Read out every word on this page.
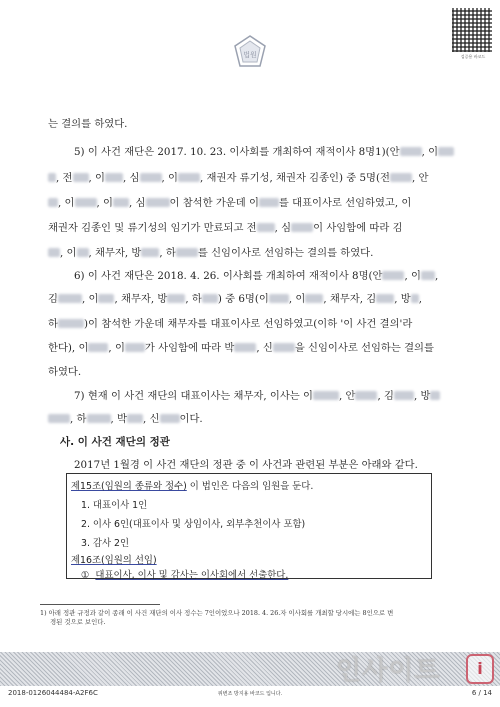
법원	검증용 바코드
는 결의를 하였다.
5) 이 사건 재단은 2017. 10. 23. 이사회를 개최하여 재적이사 8명1)(안 , 이
, 전 , 이 , 심 , 이 , 재권자 류기성, 채권자 김종인) 중 5명(전 , 안
, 이 , 이 , 심 이 참석한 가운데 이 를 대표이사로 선임하였고, 이
채권자 김종인 및 류기성의 임기가 만료되고 전 , 심 이 사임함에 따라 김
, 이 , 채무자, 방 , 하 를 신임이사로 선임하는 결의를 하였다.
6) 이 사건 재단은 2018. 4. 26. 이사회를 개최하여 재적이사 8명(안 , 이 ,
김 , 이 , 채무자, 방 , 하 ) 중 6명(이 , 이 , 채무자, 김 , 방 ,
하	)이 참석한 가운데 채무자를 대표이사로 선임하였고(이하 '이 사건 결의'라
한다), 이 , 이 가 사임함에 따라 박 , 신 을 신임이사로 선임하는 결의를
하였다.
7) 현재 이 사건 재단의 대표이사는 채무자, 이사는 이	, 안 , 김 , 방
, 하 , 박 , 신 이다.
사. 이 사건 재단의 정관
2017년 1월경 이 사건 재단의 정관 중 이 사건과 관련된 부분은 아래와 같다.
제15조(임원의 종류와 정수) 이 법인은 다음의 임원을 둔다.
1. 대표이사 1인
2. 이사 6인(대표이사 및 상임이사, 외부추천이사 포함)
3. 감사 2인
제16조(임원의 선임)
① 대표이사, 이사 및 감사는 이사회에서 선출한다.
1) 아래 정관 규정과 같이 종래 이 사건 재단의 이사 정수는 7인이었으나 2018. 4. 26.자 이사회를 개최할 당시에는 8인으로 변
경된 것으로 보인다.
인사이트	i
2018-0126044484-A2F6C	위변조 방지용 바코드 입니다.	6 / 14
